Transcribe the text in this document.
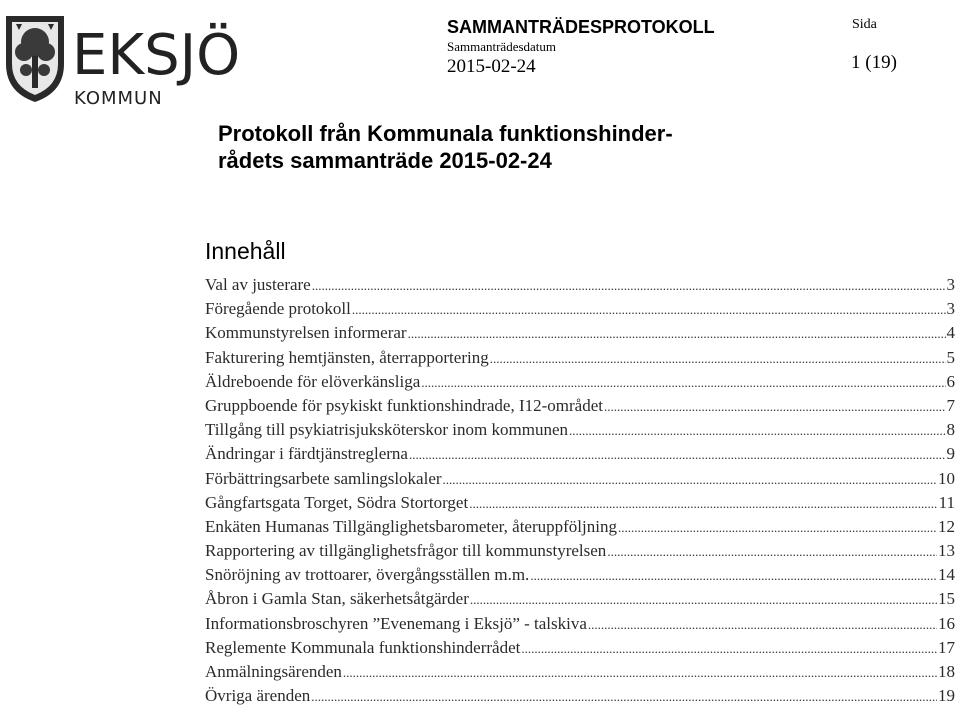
EKSJÖ
KOMMUN
SAMMANTRÄDESPROTOKOLL
Sammanträdesdatum
2015-02-24
Sida
1 (19)
Protokoll från Kommunala funktionshinder-
rådets sammanträde 2015-02-24
Innehåll
Val av justerare .....	3
Föregående protokoll .....	3
Kommunstyrelsen informerar .....	4
Fakturering hemtjänsten, återrapportering .....	5
Äldreboende för elöverkänsliga .....	6
Gruppboende för psykiskt funktionshindrade, I12-området .....	7
Tillgång till psykiatrisjuksköterskor inom kommunen .....	8
Ändringar i färdtjänstreglerna .....	9
Förbättringsarbete samlingslokaler .....	10
Gångfartsgata Torget, Södra Stortorget .....	11
Enkäten Humanas Tillgänglighetsbarometer, återuppföljning .....	12
Rapportering av tillgänglighetsfrågor till kommunstyrelsen .....	13
Snöröjning av trottoarer, övergångsställen m.m. .....	14
Åbron i Gamla Stan, säkerhetsåtgärder .....	15
Informationsbroschyren ”Evenemang i Eksjö” - talskiva .....	16
Reglemente Kommunala funktionshinderrådet .....	17
Anmälningsärenden .....	18
Övriga ärenden .....	19
